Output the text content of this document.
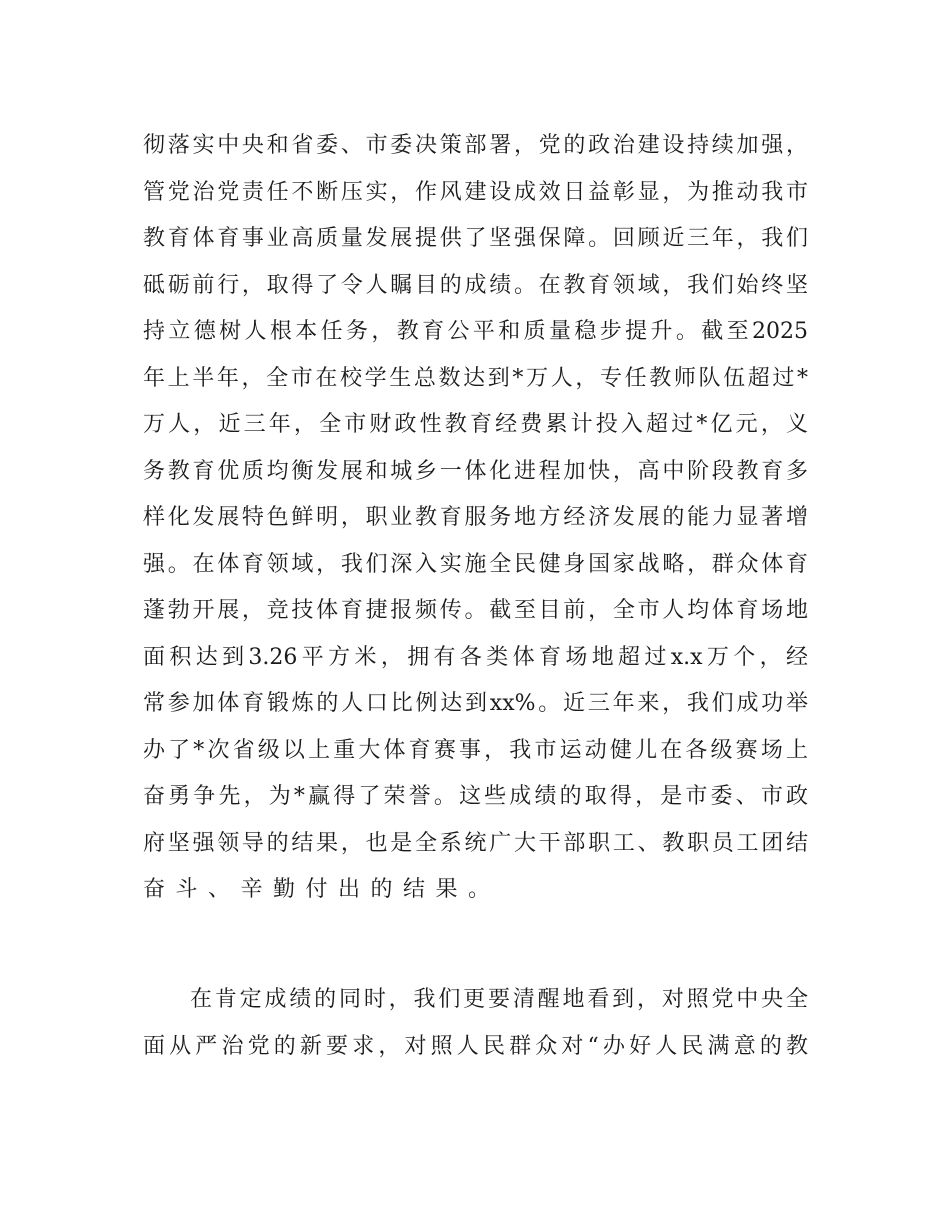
彻落实中央和省委、市委决策部署，党的政治建设持续加强，
管党治党责任不断压实，作风建设成效日益彰显，为推动我市
教育体育事业高质量发展提供了坚强保障。回顾近三年，我们
砥砺前行，取得了令人瞩目的成绩。在教育领域，我们始终坚
持立德树人根本任务，教育公平和质量稳步提升。截至2025
年上半年，全市在校学生总数达到*万人，专任教师队伍超过*
万人，近三年，全市财政性教育经费累计投入超过*亿元，义
务教育优质均衡发展和城乡一体化进程加快，高中阶段教育多
样化发展特色鲜明，职业教育服务地方经济发展的能力显著增
强。在体育领域，我们深入实施全民健身国家战略，群众体育
蓬勃开展，竞技体育捷报频传。截至目前，全市人均体育场地
面积达到3.26平方米，拥有各类体育场地超过x.x万个，经
常参加体育锻炼的人口比例达到xx%。近三年来，我们成功举
办了*次省级以上重大体育赛事，我市运动健儿在各级赛场上
奋勇争先，为*赢得了荣誉。这些成绩的取得，是市委、市政
府坚强领导的结果，也是全系统广大干部职工、教职员工团结
奋斗、辛勤付出的结果。
在肯定成绩的同时，我们更要清醒地看到，对照党中央全
面从严治党的新要求，对照人民群众对“办好人民满意的教
